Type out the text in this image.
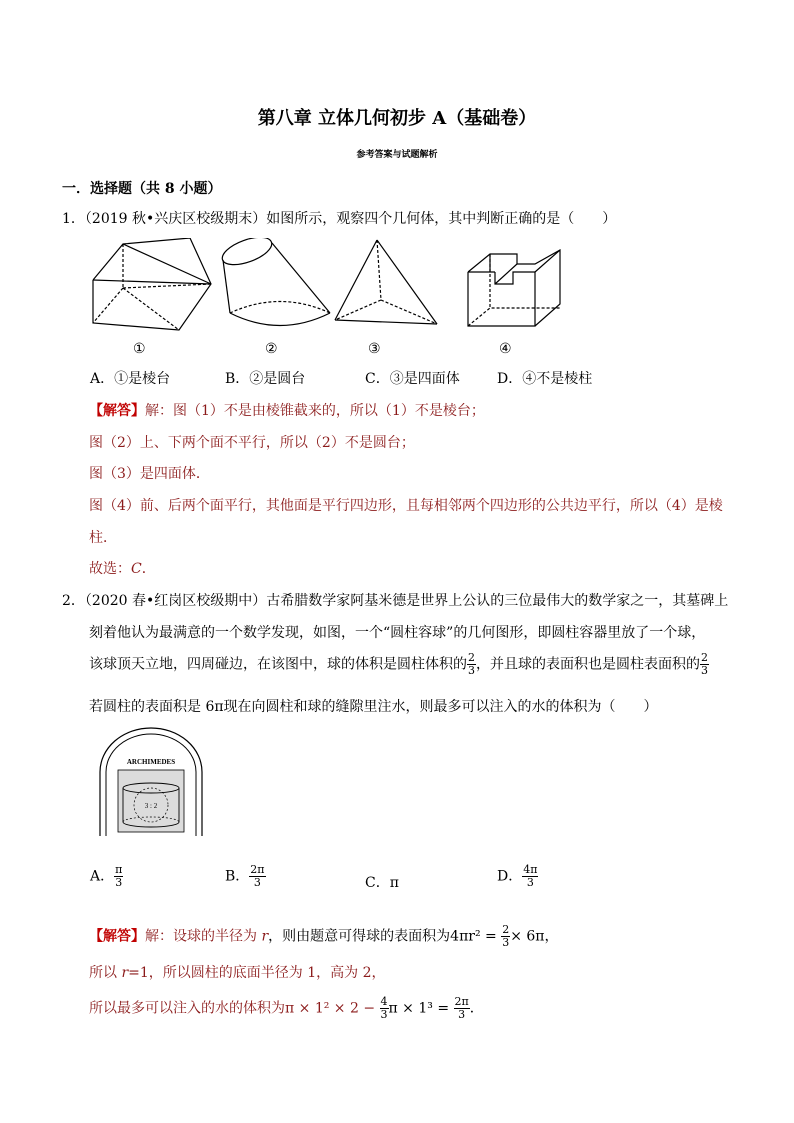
第八章 立体几何初步 A（基础卷）
参考答案与试题解析
一．选择题（共 8 小题）
1．（2019 秋•兴庆区校级期末）如图所示，观察四个几何体，其中判断正确的是（　　）
①	②	③	④
A．①是棱台	B．②是圆台	C．③是四面体	D．④不是棱柱
【解答】解：图（1）不是由棱锥截来的，所以（1）不是棱台；
图（2）上、下两个面不平行，所以（2）不是圆台；
图（3）是四面体．
图（4）前、后两个面平行，其他面是平行四边形，且每相邻两个四边形的公共边平行，所以（4）是棱
柱．
故选：C．
2．（2020 春•红岗区校级期中）古希腊数学家阿基米德是世界上公认的三位最伟大的数学家之一，其墓碑上
刻着他认为最满意的一个数学发现，如图，一个“圆柱容球”的几何图形，即圆柱容器里放了一个球，
该球顶天立地，四周碰边，在该图中，球的体积是圆柱体积的 $\frac{2}{3}$ ，并且球的表面积也是圆柱表面积的 $\frac{2}{3}$
若圆柱的表面积是 6π现在向圆柱和球的缝隙里注水，则最多可以注入的水的体积为（　　）
ARCHIMEDES
3 : 2
A． $\frac{\pi}{3}$	B． $\frac{2\pi}{3}$	C．π	D． $\frac{4\pi}{3}$
【解答】解：设球的半径为 r，则由题意可得球的表面积为$4\pi r^2 = \frac{2}{3} \times 6\pi$，
所以 r=1，所以圆柱的底面半径为 1，高为 2，
所以最多可以注入的水的体积为$\pi \times 1^2 \times 2 - \frac{4}{3}$ $\pi \times 1^3 = \frac{2\pi}{3}$ ．
